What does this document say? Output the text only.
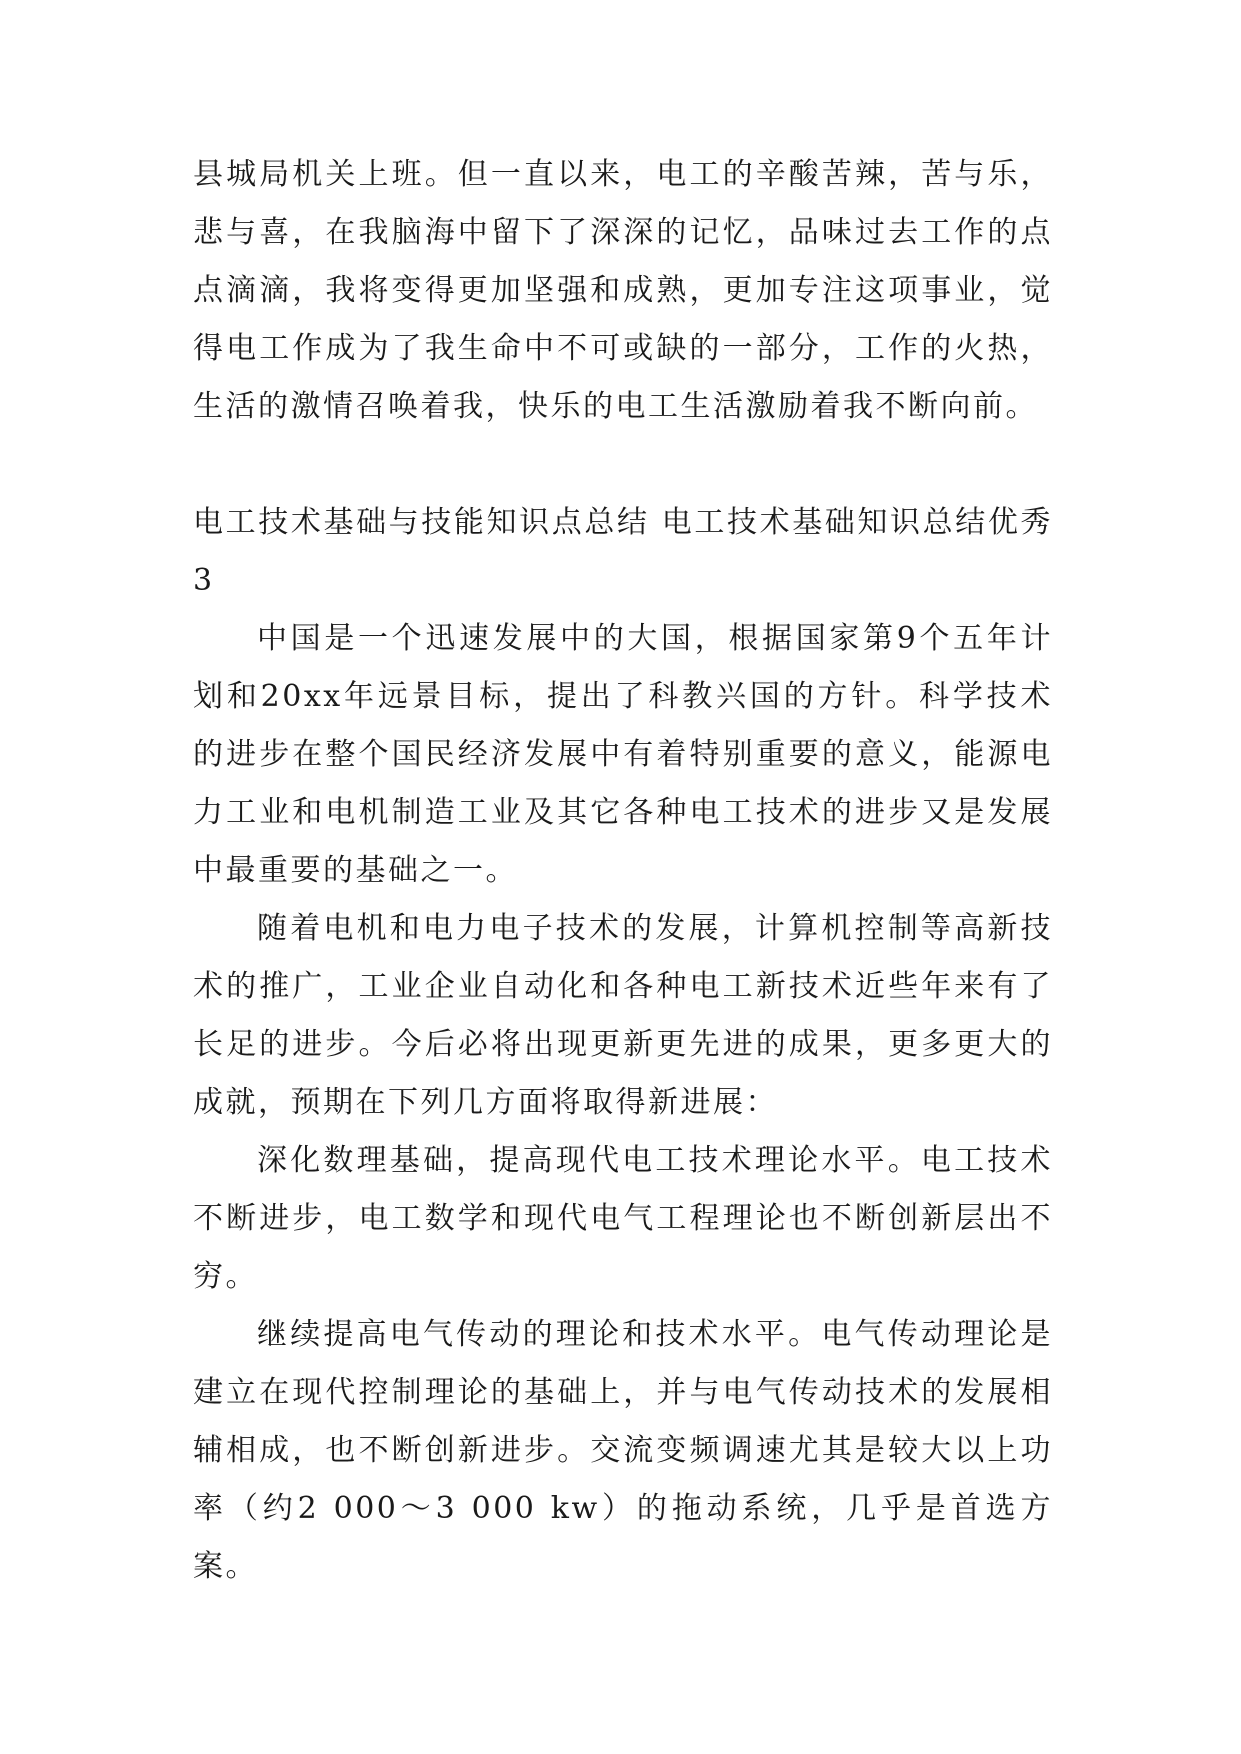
县城局机关上班。但一直以来，电工的辛酸苦辣，苦与乐，悲与喜，在我脑海中留下了深深的记忆，品味过去工作的点点滴滴，我将变得更加坚强和成熟，更加专注这项事业，觉得电工作成为了我生命中不可或缺的一部分，工作的火热，生活的激情召唤着我，快乐的电工生活激励着我不断向前。

电工技术基础与技能知识点总结 电工技术基础知识总结优秀3

中国是一个迅速发展中的大国，根据国家第9个五年计划和20xx年远景目标，提出了科教兴国的方针。科学技术的进步在整个国民经济发展中有着特别重要的意义，能源电力工业和电机制造工业及其它各种电工技术的进步又是发展中最重要的基础之一。

随着电机和电力电子技术的发展，计算机控制等高新技术的推广，工业企业自动化和各种电工新技术近些年来有了长足的进步。今后必将出现更新更先进的成果，更多更大的成就，预期在下列几方面将取得新进展：

深化数理基础，提高现代电工技术理论水平。电工技术不断进步，电工数学和现代电气工程理论也不断创新层出不穷。

继续提高电气传动的理论和技术水平。电气传动理论是建立在现代控制理论的基础上，并与电气传动技术的发展相辅相成，也不断创新进步。交流变频调速尤其是较大以上功率（约2 000～3 000 kw）的拖动系统，几乎是首选方案。
